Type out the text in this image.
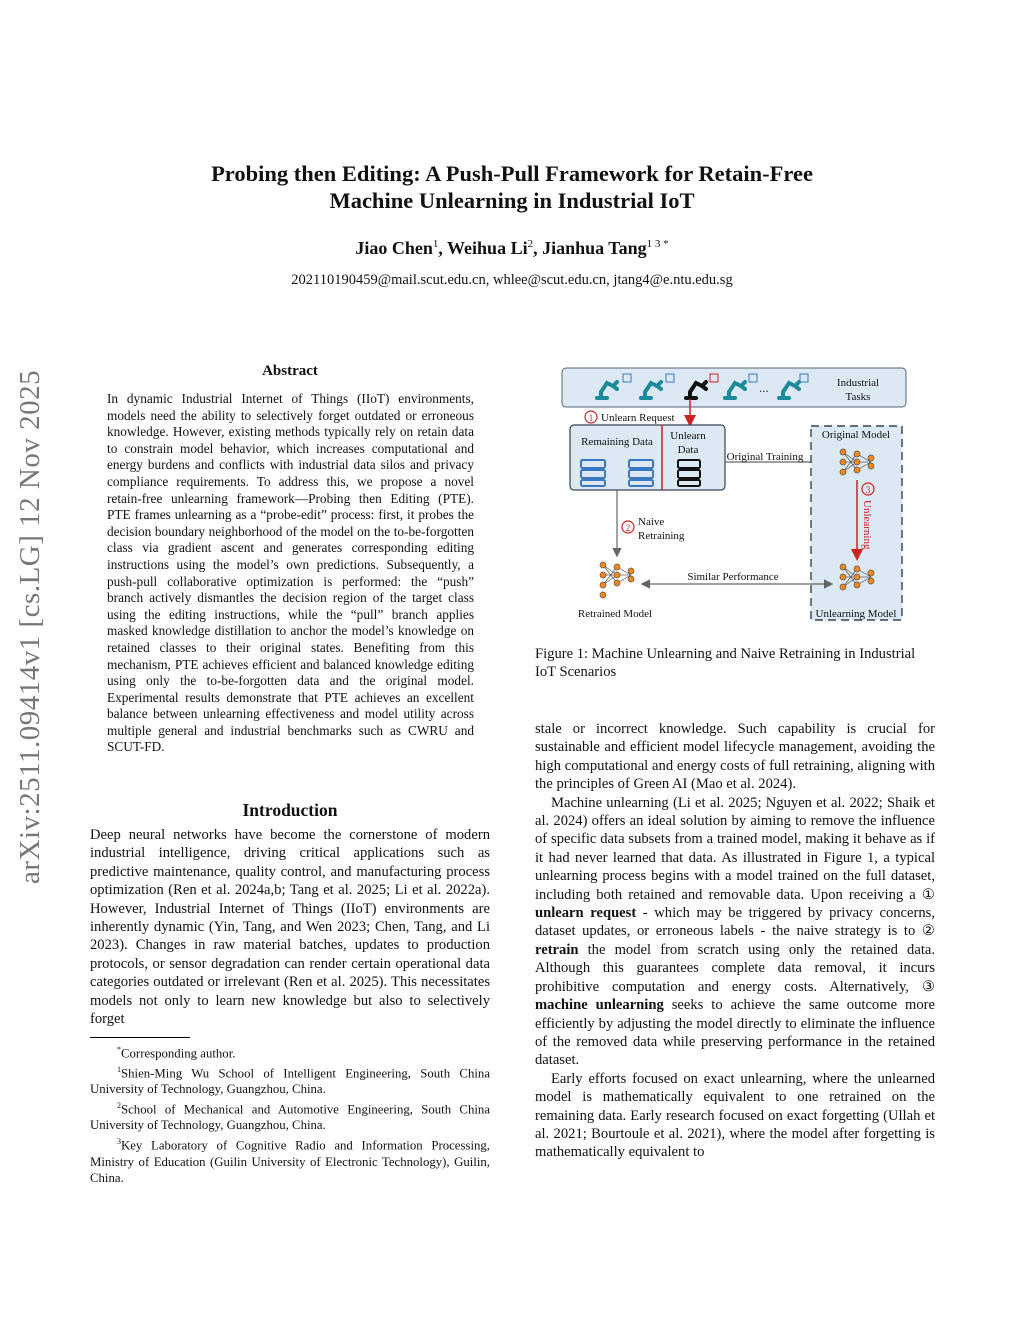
Probing then Editing: A Push-Pull Framework for Retain-Free
Machine Unlearning in Industrial IoT
Jiao Chen$^1$, Weihua Li$^2$, Jianhua Tang$^{1 3 *}$
202110190459@mail.scut.edu.cn, whlee@scut.edu.cn, jtang4@e.ntu.edu.sg
arXiv:2511.09414v1 [cs.LG] 12 Nov 2025	Abstract
In dynamic Industrial Internet of Things (IIoT) environments, models need the ability to selectively forget outdated or erroneous knowledge. However, existing methods typically rely on retain data to constrain model behavior, which increases computational and energy burdens and conflicts with industrial data silos and privacy compliance requirements. To address this, we propose a novel retain-free unlearning framework—Probing then Editing (PTE). PTE frames unlearning as a “probe-edit” process: first, it probes the decision boundary neighborhood of the model on the to-be-forgotten class via gradient ascent and generates corresponding editing instructions using the model’s own predictions. Subsequently, a push-pull collaborative optimization is performed: the “push” branch actively dismantles the decision region of the target class using the editing instructions, while the “pull” branch applies masked knowledge distillation to anchor the model’s knowledge on retained classes to their original states. Benefiting from this mechanism, PTE achieves efficient and balanced knowledge editing using only the to-be-forgotten data and the original model. Experimental results demonstrate that PTE achieves an excellent balance between unlearning effectiveness and model utility across multiple general and industrial benchmarks such as CWRU and SCUT-FD.
Introduction
Deep neural networks have become the cornerstone of modern industrial intelligence, driving critical applications such as predictive maintenance, quality control, and manufacturing process optimization (Ren et al. 2024a,b; Tang et al. 2025; Li et al. 2022a). However, Industrial Internet of Things (IIoT) environments are inherently dynamic (Yin, Tang, and Wen 2023; Chen, Tang, and Li 2023). Changes in raw material batches, updates to production protocols, or sensor degradation can render certain operational data categories outdated or irrelevant (Ren et al. 2025). This necessitates models not only to learn new knowledge but also to selectively forget

*Corresponding author.

$^1$Shien-Ming Wu School of Intelligent Engineering, South China University of Technology, Guangzhou, China.

$^2$School of Mechanical and Automotive Engineering, South China University of Technology, Guangzhou, China.

$^3$Key Laboratory of Cognitive Radio and Information Processing, Ministry of Education (Guilin University of Electronic Technology), Guilin, China.

...	Industrial
Tasks
1 Unlearn Request
Remaining Data Unlearn
Data
Original Training
Original Model
3
Unlearning
Unlearning Model
2 Naive
Retraining
Retrained Model
Similar Performance
Figure 1: Machine Unlearning and Naive Retraining in Industrial IoT Scenarios

stale or incorrect knowledge. Such capability is crucial for sustainable and efficient model lifecycle management, avoiding the high computational and energy costs of full retraining, aligning with the principles of Green AI (Mao et al. 2024).

Machine unlearning (Li et al. 2025; Nguyen et al. 2022; Shaik et al. 2024) offers an ideal solution by aiming to remove the influence of specific data subsets from a trained model, making it behave as if it had never learned that data. As illustrated in Figure 1, a typical unlearning process begins with a model trained on the full dataset, including both retained and removable data. Upon receiving a ① unlearn request - which may be triggered by privacy concerns, dataset updates, or erroneous labels - the naive strategy is to ② retrain the model from scratch using only the retained data. Although this guarantees complete data removal, it incurs prohibitive computation and energy costs. Alternatively, ③ machine unlearning seeks to achieve the same outcome more efficiently by adjusting the model directly to eliminate the influence of the removed data while preserving performance in the retained dataset.

Early efforts focused on exact unlearning, where the unlearned model is mathematically equivalent to one retrained on the remaining data. Early research focused on exact forgetting (Ullah et al. 2021; Bourtoule et al. 2021), where the model after forgetting is mathematically equivalent to
